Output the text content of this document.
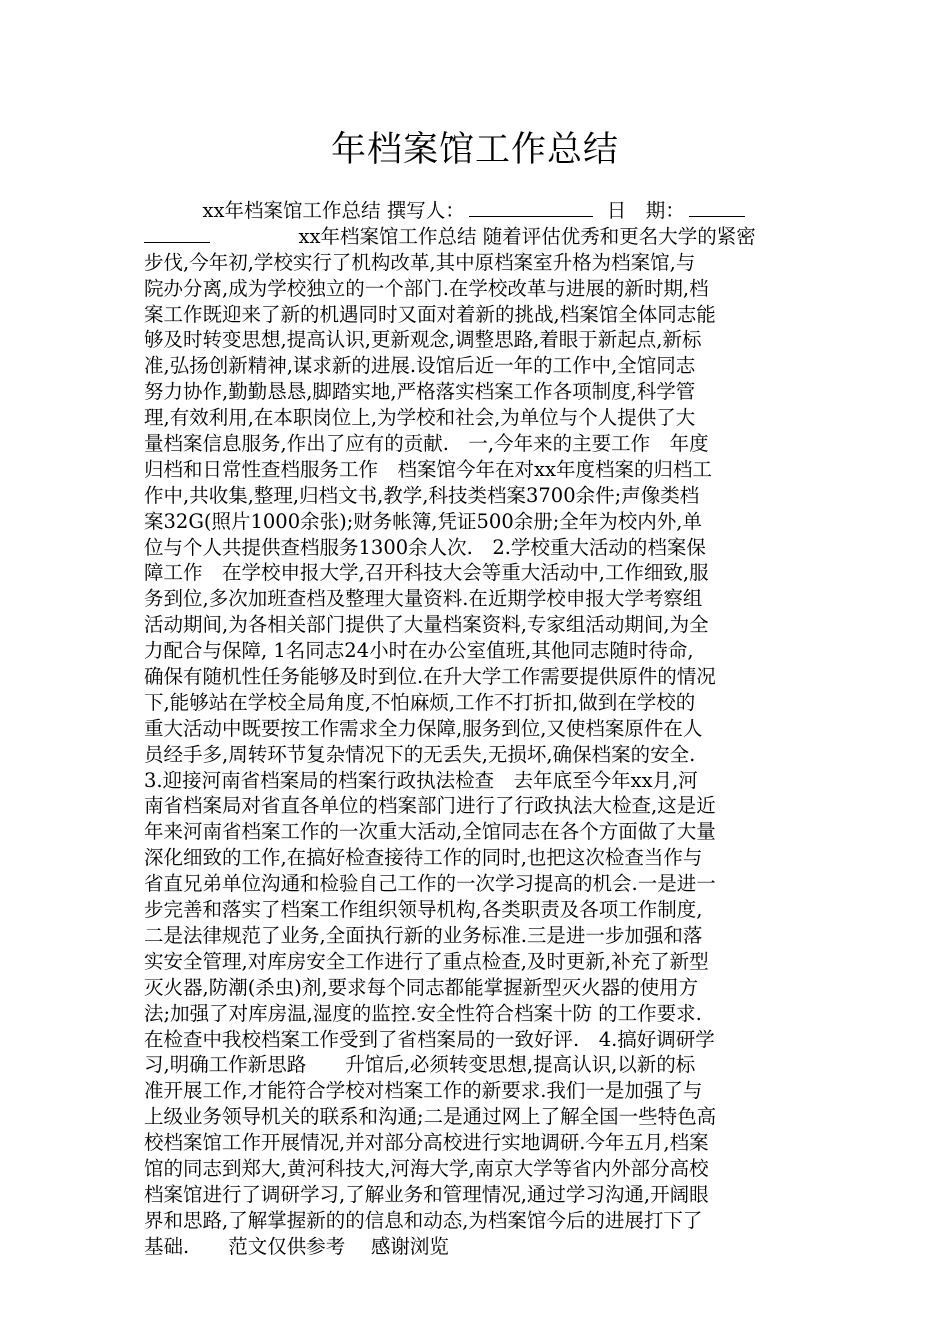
年档案馆工作总结
　　　xx年档案馆工作总结 撰写人：	日　期：
　　　xx年档案馆工作总结 随着评估优秀和更名大学的紧密
步伐,今年初,学校实行了机构改革,其中原档案室升格为档案馆,与
院办分离,成为学校独立的一个部门.在学校改革与进展的新时期,档
案工作既迎来了新的机遇同时又面对着新的挑战,档案馆全体同志能
够及时转变思想,提高认识,更新观念,调整思路,着眼于新起点,新标
准,弘扬创新精神,谋求新的进展.设馆后近一年的工作中,全馆同志
努力协作,勤勤恳恳,脚踏实地,严格落实档案工作各项制度,科学管
理,有效利用,在本职岗位上,为学校和社会,为单位与个人提供了大
量档案信息服务,作出了应有的贡献.　一,今年来的主要工作　年度
归档和日常性查档服务工作　档案馆今年在对xx年度档案的归档工
作中,共收集,整理,归档文书,教学,科技类档案3700余件;声像类档
案32G(照片1000余张);财务帐簿,凭证500余册;全年为校内外,单
位与个人共提供查档服务1300余人次.　2.学校重大活动的档案保
障工作　在学校申报大学,召开科技大会等重大活动中,工作细致,服
务到位,多次加班查档及整理大量资料.在近期学校申报大学考察组
活动期间,为各相关部门提供了大量档案资料,专家组活动期间,为全
力配合与保障, 1名同志24小时在办公室值班,其他同志随时待命,
确保有随机性任务能够及时到位.在升大学工作需要提供原件的情况
下,能够站在学校全局角度,不怕麻烦,工作不打折扣,做到在学校的
重大活动中既要按工作需求全力保障,服务到位,又使档案原件在人
员经手多,周转环节复杂情况下的无丢失,无损坏,确保档案的安全.
3.迎接河南省档案局的档案行政执法检查　去年底至今年xx月,河
南省档案局对省直各单位的档案部门进行了行政执法大检查,这是近
年来河南省档案工作的一次重大活动,全馆同志在各个方面做了大量
深化细致的工作,在搞好检查接待工作的同时,也把这次检查当作与
省直兄弟单位沟通和检验自己工作的一次学习提高的机会.一是进一
步完善和落实了档案工作组织领导机构,各类职责及各项工作制度,
二是法律规范了业务,全面执行新的业务标准.三是进一步加强和落
实安全管理,对库房安全工作进行了重点检查,及时更新,补充了新型
灭火器,防潮(杀虫)剂,要求每个同志都能掌握新型灭火器的使用方
法;加强了对库房温,湿度的监控.安全性符合档案十防 的工作要求.
在检查中我校档案工作受到了省档案局的一致好评.　4.搞好调研学
习,明确工作新思路　　升馆后,必须转变思想,提高认识,以新的标
准开展工作,才能符合学校对档案工作的新要求.我们一是加强了与
上级业务领导机关的联系和沟通;二是通过网上了解全国一些特色高
校档案馆工作开展情况,并对部分高校进行实地调研.今年五月,档案
馆的同志到郑大,黄河科技大,河海大学,南京大学等省内外部分高校
档案馆进行了调研学习,了解业务和管理情况,通过学习沟通,开阔眼
界和思路,了解掌握新的的信息和动态,为档案馆今后的进展打下了
基础.　　范文仅供参考　 感谢浏览
